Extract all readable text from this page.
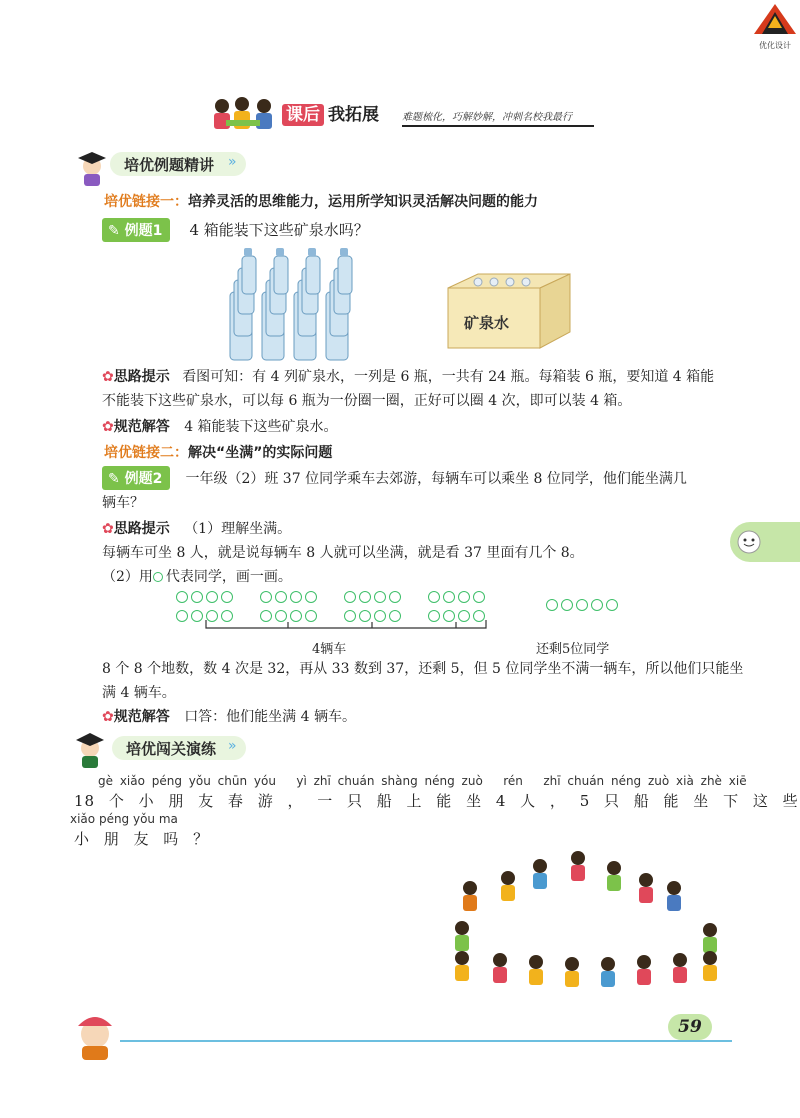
优化设计
课后 我拓展 难题梳化，巧解妙解，冲刺名校我最行
培优例题精讲 »
培优链接一：培养灵活的思维能力，运用所学知识灵活解决问题的能力
✎ 例题1 4 箱能装下这些矿泉水吗？
矿泉水
✿思路提示 看图可知：有 4 列矿泉水，一列是 6 瓶，一共有 24 瓶。每箱装 6 瓶，要知道 4 箱能
不能装下这些矿泉水，可以每 6 瓶为一份圈一圈，正好可以圈 4 次，即可以装 4 箱。
✿规范解答 4 箱能装下这些矿泉水。
培优链接二：解决“坐满”的实际问题
✎ 例题2 一年级（2）班 37 位同学乘车去郊游，每辆车可以乘坐 8 位同学，他们能坐满几
辆车？
✿思路提示 （1）理解坐满。
每辆车可坐 8 人，就是说每辆车 8 人就可以坐满，就是看 37 里面有几个 8。
（2）用 代表同学，画一画。

4辆车	还剩5位同学
8 个 8 个地数，数 4 次是 32，再从 33 数到 37，还剩 5，但 5 位同学坐不满一辆车，所以他们只能坐
满 4 辆车。
✿规范解答 口答：他们能坐满 4 辆车。
培优闯关演练 »
gè xiǎo péng yǒu chūn yóu   yì zhī chuán shàng néng zuò   rén   zhī chuán néng zuò xià zhè xiē
18 个 小 朋 友 春 游 ， 一 只 船 上 能 坐 4 人 ， 5 只 船 能 坐 下 这 些
xiǎo péng yǒu ma
小 朋 友 吗 ？
59
